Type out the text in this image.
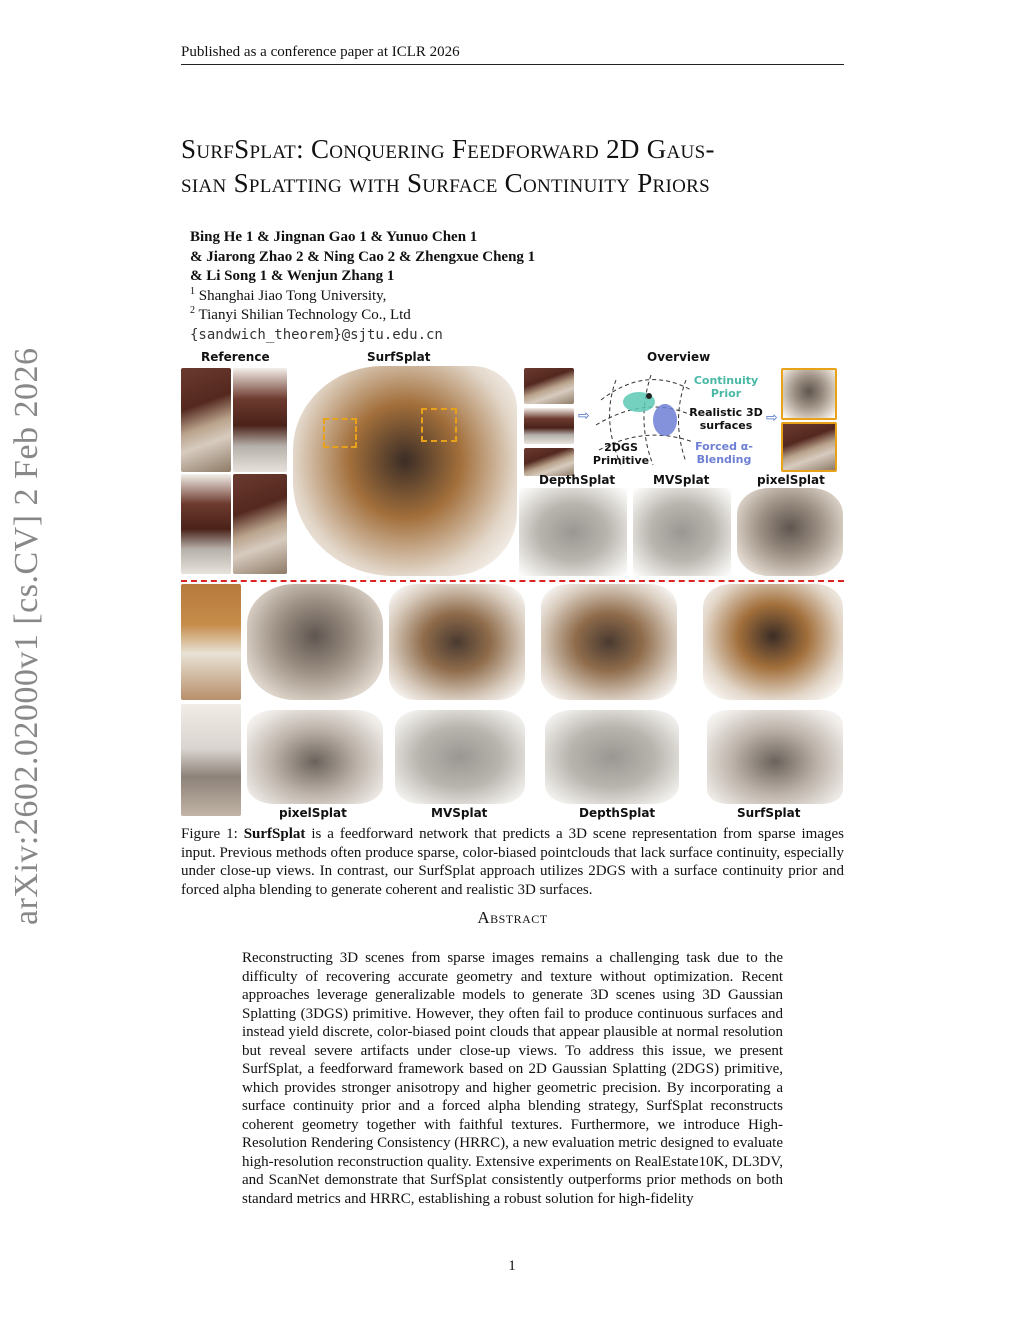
Published as a conference paper at ICLR 2026
arXiv:2602.02000v1 [cs.CV] 2 Feb 2026
SurfSplat: Conquering Feedforward 2D Gaus-
sian Splatting with Surface Continuity Priors
Bing He 1 & Jingnan Gao 1 & Yunuo Chen 1
& Jiarong Zhao 2 & Ning Cao 2 & Zhengxue Cheng 1
& Li Song 1 & Wenjun Zhang 1
$^1$ Shanghai Jiao Tong University,
$^2$ Tianyi Shilian Technology Co., Ltd
{sandwich_theorem}@sjtu.edu.cn
Reference	SurfSplat	Overview
⇨
Continuity Prior
Realistic 3D surfaces
2DGS Primitive
Forced α-Blending
⇨
DepthSplat	MVSplat	pixelSplat
pixelSplat	MVSplat	DepthSplat	SurfSplat
Figure 1: SurfSplat is a feedforward network that predicts a 3D scene representation from sparse images input. Previous methods often produce sparse, color-biased pointclouds that lack surface continuity, especially under close-up views. In contrast, our SurfSplat approach utilizes 2DGS with a surface continuity prior and forced alpha blending to generate coherent and realistic 3D surfaces.
Abstract
Reconstructing 3D scenes from sparse images remains a challenging task due to the difficulty of recovering accurate geometry and texture without optimization. Recent approaches leverage generalizable models to generate 3D scenes using 3D Gaussian Splatting (3DGS) primitive. However, they often fail to produce continuous surfaces and instead yield discrete, color-biased point clouds that appear plausible at normal resolution but reveal severe artifacts under close-up views. To address this issue, we present SurfSplat, a feedforward framework based on 2D Gaussian Splatting (2DGS) primitive, which provides stronger anisotropy and higher geometric precision. By incorporating a surface continuity prior and a forced alpha blending strategy, SurfSplat reconstructs coherent geometry together with faithful textures. Furthermore, we introduce High-Resolution Rendering Consistency (HRRC), a new evaluation metric designed to evaluate high-resolution reconstruction quality. Extensive experiments on RealEstate10K, DL3DV, and ScanNet demonstrate that SurfSplat consistently outperforms prior methods on both standard metrics and HRRC, establishing a robust solution for high-fidelity
1
